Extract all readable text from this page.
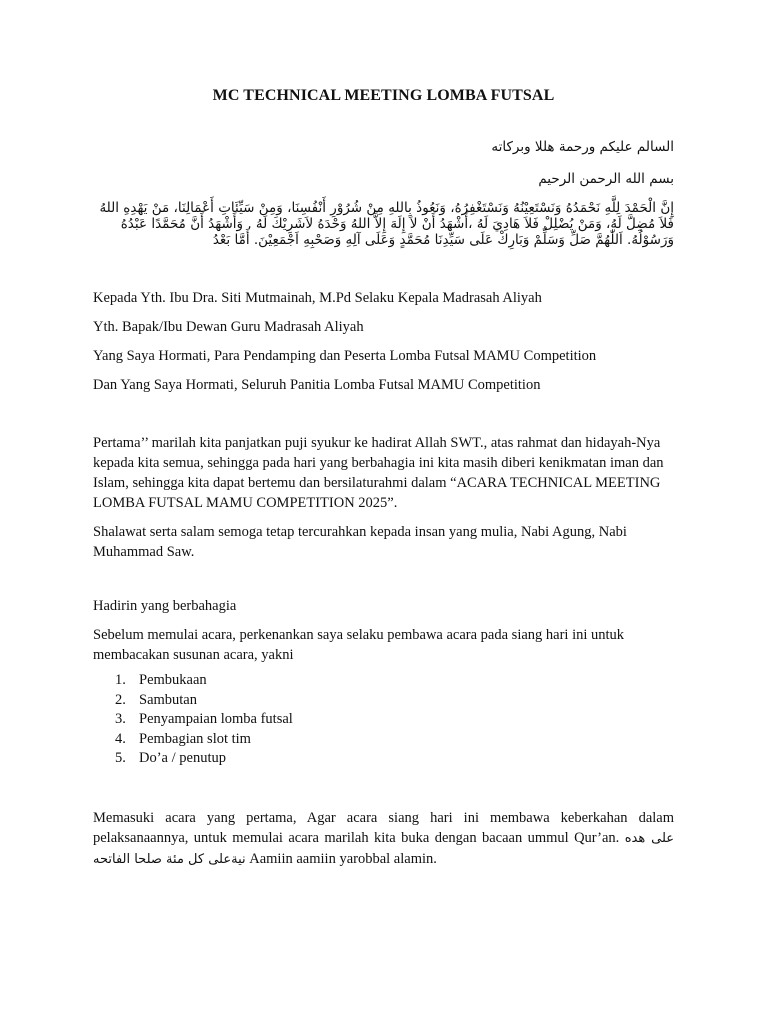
MC TECHNICAL MEETING LOMBA FUTSAL

السالم عليكم ورحمة هللا وبركاته

بسم الله الرحمن الرحيم

إِنَّ الْحَمْدَ لِلَّهِ نَحْمَدُهُ وَنَسْتَعِيْنُهُ وَنَسْتَغْفِرُهُ، وَنَعُوذُ بِاللهِ مِنْ شُرُوْرِ أَنْفُسِنَا، وَمِنْ سَيِّئَاتِ أَعْمَالِنَا، مَنْ يَهْدِهِ اللهُ فَلاَ مُضِلَّ لَهُ، وَمَنْ يُضْلِلْ فَلاَ هَادِيَ لَهُ ،أَشْهَدُ أَنْ لاَ إِلَهَ إِلاَّ اللهُ وَحْدَهُ لاَشَرِيْكَ لَهُ , وَأَشْهَدُ أَنَّ مُحَمَّدًا عَبْدُهُ وَرَسُوْلُهُ. اَللّٰهُمَّ صَلِّ وَسَلِّمْ وَبَارِكْ عَلَى سَيِّدِنَا مُحَمَّدٍ وَعَلَى آلِهِ وَصَحْبِهِ اَجْمَعِيْنَ. أَمَّا بَعْدُ

Kepada Yth. Ibu Dra. Siti Mutmainah, M.Pd Selaku Kepala Madrasah Aliyah

Yth. Bapak/Ibu Dewan Guru Madrasah Aliyah

Yang Saya Hormati, Para Pendamping dan Peserta Lomba Futsal MAMU Competition

Dan Yang Saya Hormati, Seluruh Panitia Lomba Futsal MAMU Competition

Pertama’’ marilah kita panjatkan puji syukur ke hadirat Allah SWT., atas rahmat dan hidayah-Nya kepada kita semua, sehingga pada hari yang berbahagia ini kita masih diberi kenikmatan iman dan Islam, sehingga kita dapat bertemu dan bersilaturahmi dalam “ACARA TECHNICAL MEETING LOMBA FUTSAL MAMU COMPETITION 2025”.

Shalawat serta salam semoga tetap tercurahkan kepada insan yang mulia, Nabi Agung, Nabi Muhammad Saw.

Hadirin yang berbahagia

Sebelum memulai acara, perkenankan saya selaku pembawa acara pada siang hari ini untuk membacakan susunan acara, yakni

1. Pembukaan
2. Sambutan
3. Penyampaian lomba futsal
4. Pembagian slot tim
5. Do’a / penutup

Memasuki acara yang pertama, Agar acara siang hari ini membawa keberkahan dalam pelaksanaannya, untuk memulai acara marilah kita buka dengan bacaan ummul Qur’an. على هده نيةعلى كل مئة صلحا الفاتحه Aamiin aamiin yarobbal alamin.
